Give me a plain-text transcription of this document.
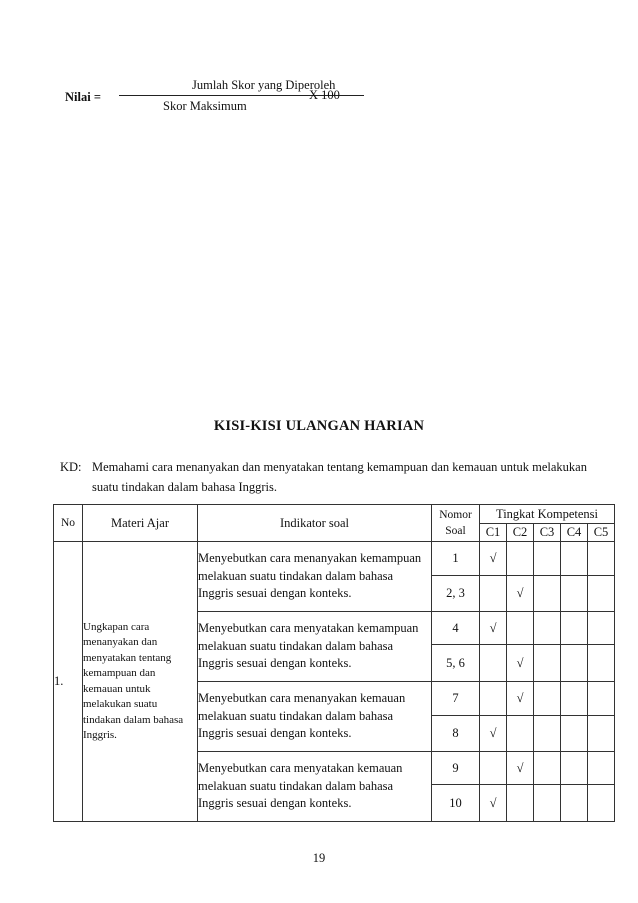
Nilai =
Jumlah Skor yang Diperoleh
Skor Maksimum
X 100
KISI-KISI ULANGAN HARIAN
KD: Memahami cara menanyakan dan menyatakan tentang kemampuan dan kemauan untuk melakukan suatu tindakan dalam bahasa Inggris.
No	Materi Ajar	Indikator soal	Nomor Soal	Tingkat Kompetensi				
				C1	C2	C3	C4	C5
1.	Ungkapan cara menanyakan dan menyatakan tentang kemampuan dan kemauan untuk melakukan suatu tindakan dalam bahasa Inggris.	Menyebutkan cara menanyakan kemampuan melakuan suatu tindakan dalam bahasa Inggris sesuai dengan konteks.	1	√				
			2, 3		√			
		Menyebutkan cara menyatakan kemampuan melakuan suatu tindakan dalam bahasa Inggris sesuai dengan konteks.	4	√				
			5, 6		√			
		Menyebutkan cara menanyakan kemauan melakuan suatu tindakan dalam bahasa Inggris sesuai dengan konteks.	7		√			
			8	√				
		Menyebutkan cara menyatakan kemauan melakuan suatu tindakan dalam bahasa Inggris sesuai dengan konteks.	9		√			
			10	√				
19
